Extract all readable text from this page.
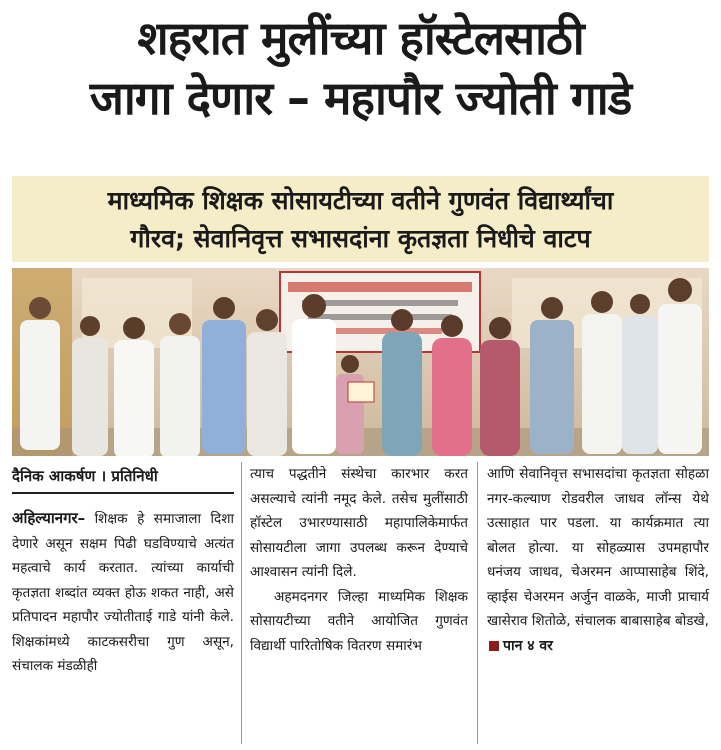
शहरात मुलींच्या हॉस्टेलसाठी
जागा देणार – महापौर ज्योती गाडे
माध्यमिक शिक्षक सोसायटीच्या वतीने गुणवंत विद्यार्थ्यांचा
गौरव; सेवानिवृत्त सभासदांना कृतज्ञता निधीचे वाटप
दैनिक आकर्षण । प्रतिनिधी

अहिल्यानगर– शिक्षक हे समाजाला दिशा देणारे असून सक्षम पिढी घडविण्याचे अत्यंत महत्वाचे कार्य करतात. त्यांच्या कार्याची कृतज्ञता शब्दांत व्यक्त होऊ शकत नाही, असे प्रतिपादन महापौर ज्योतीताई गाडे यांनी केले. शिक्षकांमध्ये काटकसरीचा गुण असून, संचालक मंडळीही

त्याच पद्धतीने संस्थेचा कारभार करत असल्याचे त्यांनी नमूद केले. तसेच मुलींसाठी हॉस्टेल उभारण्यासाठी महापालिकेमार्फत सोसायटीला जागा उपलब्ध करून देण्याचे आश्वासन त्यांनी दिले.

अहमदनगर जिल्हा माध्यमिक शिक्षक सोसायटीच्या वतीने आयोजित गुणवंत विद्यार्थी पारितोषिक वितरण समारंभ

आणि सेवानिवृत्त सभासदांचा कृतज्ञता सोहळा नगर-कल्याण रोडवरील जाधव लॉन्स येथे उत्साहात पार पडला. या कार्यक्रमात त्या बोलत होत्या. या सोहळ्यास उपमहापौर धनंजय जाधव, चेअरमन आप्पासाहेब शिंदे, व्हाईस चेअरमन अर्जुन वाळके, माजी प्राचार्य खासेराव शितोळे, संचालक बाबासाहेब बोडखे, पान ४ वर
